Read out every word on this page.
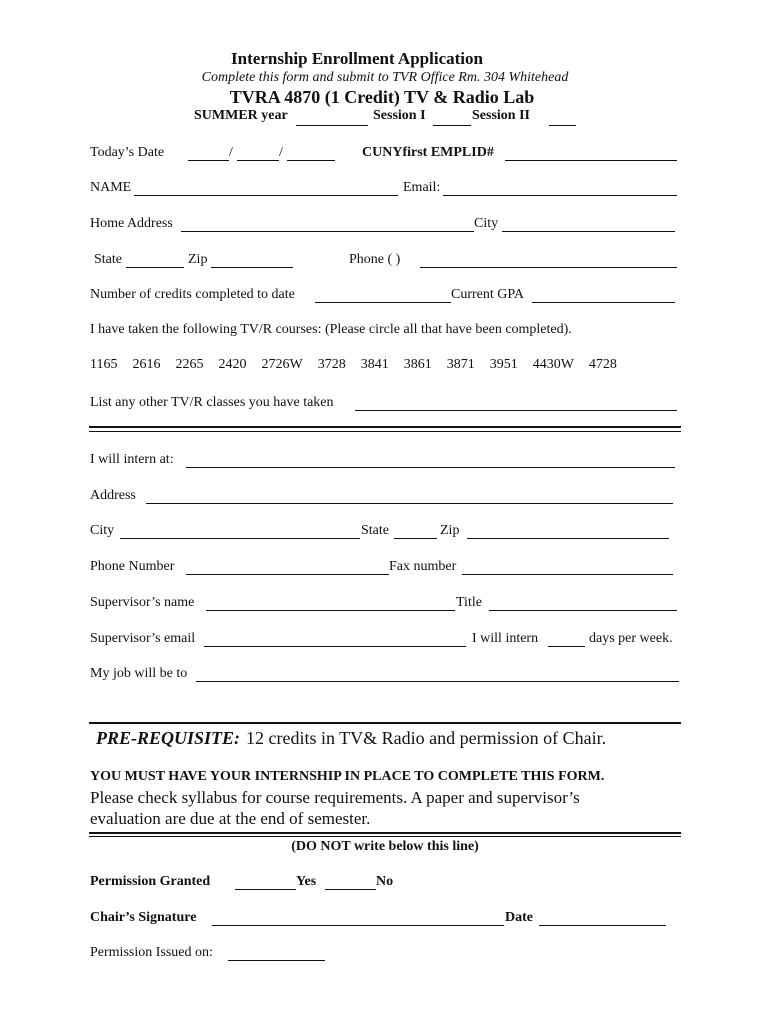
Internship Enrollment Application
Complete this form and submit to TVR Office Rm. 304 Whitehead
TVRA 4870 (1 Credit) TV & Radio Lab
SUMMER year	Session I	Session II
Today’s Date	/	/	CUNYfirst EMPLID#
NAME	Email:
Home Address	City
State	Zip	Phone ( )
Number of credits completed to date	Current GPA
I have taken the following TV/R courses: (Please circle all that have been completed).
1165 2616 2265 2420 2726W 3728 3841 3861 3871 3951 4430W 4728
List any other TV/R classes you have taken
I will intern at:
Address
City	State	Zip
Phone Number	Fax number
Supervisor’s name	Title
Supervisor’s email	I will intern	days per week.
My job will be to
PRE-REQUISITE: 12 credits in TV& Radio and permission of Chair.
YOU MUST HAVE YOUR INTERNSHIP IN PLACE TO COMPLETE THIS FORM.
Please check syllabus for course requirements. A paper and supervisor’s
evaluation are due at the end of semester.
(DO NOT write below this line)
Permission Granted	Yes	No
Chair’s Signature	Date
Permission Issued on:
